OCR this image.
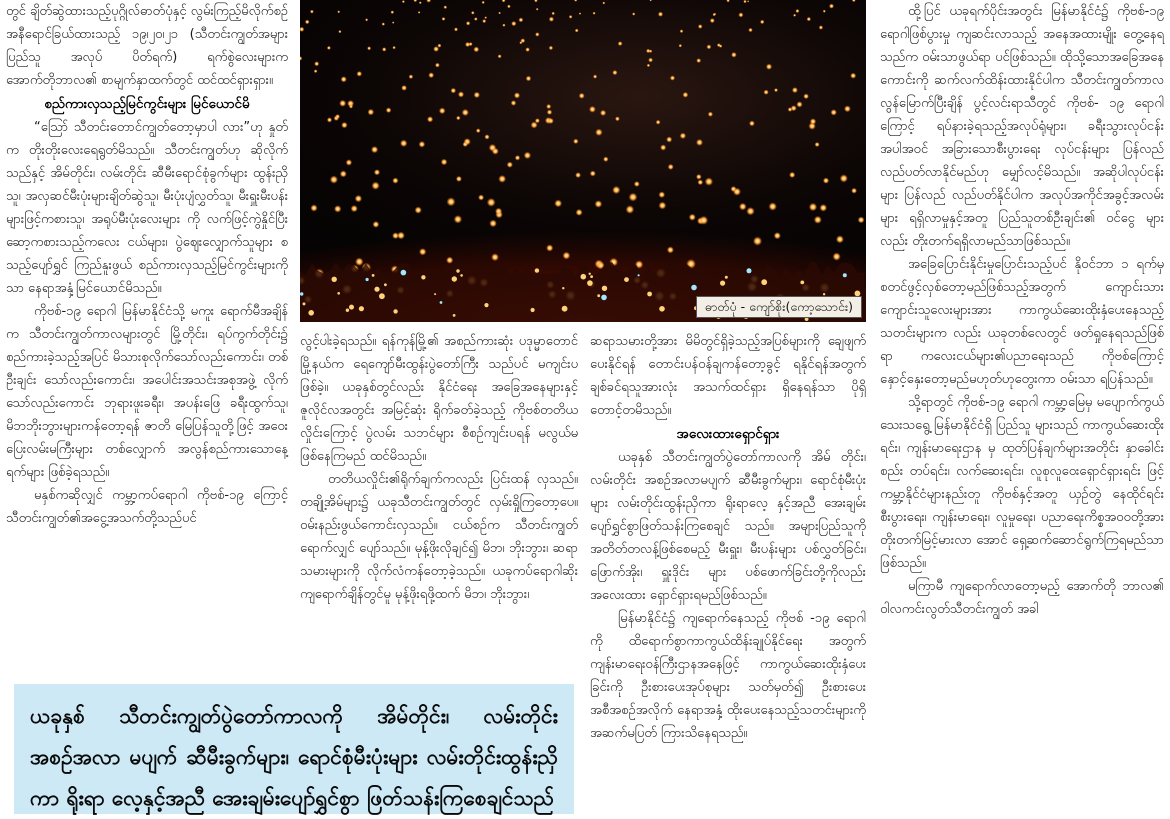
တွင် ချိတ်ဆွဲထားသည့်ပုဂ္ဂိုလ်ဓာတ်ပုံနှင့် လွမ်းကြည့်မိလိုက်စဉ် အနီရောင်ခြယ်ထားသည့် ၁၉၊၂၀၊၂၁ (သီတင်းကျွတ်အများပြည်သူ အလုပ် ပိတ်ရက်) ရက်စွဲလေးများက အောက်တိုဘာလ၏ စာမျက်နှာထက်တွင် ထင်ထင်ရှားရှား။

စည်ကားလှသည့်မြင်ကွင်းများ မြင်ယောင်မိ

“ဩော် သီတင်းတောင်ကျွတ်တော့မှာပါ လား”ဟု နှုတ်က တိုးတိုးလေးရေရွတ်မိသည်။ သီတင်းကျွတ်ဟု ဆိုလိုက်သည်နှင့် အိမ်တိုင်း၊ လမ်းတိုင်း ဆီမီးရောင်စုံခွက်များ ထွန်းညှိသူ၊ အလှဆင်မီးပုံးများချိတ်ဆွဲသူ၊ မီးပုံးပျံလွှတ်သူ၊ မီးရှူးမီးပန်းများဖြင့်ကစားသူ၊ အရုပ်မီးပုံးလေးများ ကို လက်ဖြင့်ကွဲနှိုင်ပြီး ဆော့ကစားသည့်ကလေး ငယ်များ၊ ပွဲဈေးလျှောက်သူများ စသည့်ပျော်ရွှင် ကြည်နူးဖွယ် စည်ကားလှသည့်မြင်ကွင်းများကို သာ နေရာအနှံ့မြင်ယောင်မိသည်။

ကိုဗစ်-၁၉ ရောဂါ မြန်မာနိုင်ငံသို့ မကူး ရောက်မီအချိန်က သီတင်းကျွတ်ကာလများတွင် မြို့တိုင်း၊ ရပ်ကွက်တိုင်း၌ စည်ကားခဲ့သည့်အပြင် မိသားစုလိုက်သော်လည်းကောင်း၊ တစ်ဦးချင်း သော်လည်းကောင်း၊ အပေါင်းအသင်းအစုအဖွဲ့ လိုက်သော်လည်းကောင်း ဘုရားဖူးခရီး၊ အပန်းဖြေ ခရီးထွက်သူ၊ မိဘဘိုးဘွားများကန်တော့ရန် ဇာတိ မြေပြန်သူတို့ဖြင့် အဝေးပြေးလမ်းမကြီးများ တစ်လျှောက် အလွန်စည်ကားသောနေ့ရက်များ ဖြစ်ခဲ့ရသည်။

မနှစ်ကဆိုလျှင် ကမ္ဘာ့ကပ်ရောဂါ ကိုဗစ်-၁၉ ကြောင့် သီတင်းကျွတ်၏အငွေ့အသက်တို့သည်ပင်

ဓာတ်ပုံ - ကျော်စိုး(ကော့သောင်း)

လွင့်ပါးခဲ့ရသည်။ ရန်ကုန်မြို့၏ အစည်ကားဆုံး ပဒုမ္မာတောင်မြို့နယ်က ရေကျော်မီးထွန်းပွဲတော်ကြီး သည်ပင် မကျင်းပဖြစ်ခဲ့။ ယခုနှစ်တွင်လည်း နိုင်ငံရေး အခြေအနေများနှင့် ဇူလိုင်လအတွင်း အမြင့်ဆုံး ရိုက်ခတ်ခဲ့သည့် ကိုဗစ်တတိယလှိုင်းကြောင့် ပွဲလမ်း သဘင်များ စီစဉ်ကျင်းပရန် မလွယ်မဖြစ်နေကြမည် ထင်မိသည်။

တတိယလှိုင်း၏ရိုက်ချက်ကလည်း ပြင်းထန် လှသည်။ တချို့အိမ်များ၌ ယခုသီတင်းကျွတ်တွင် လှမ်းရှိုကြတော့ပေ။ ဝမ်းနည်းဖွယ်ကောင်းလှသည်။ ငယ်စဉ်က သီတင်းကျွတ်ရောက်လျှင် ပျော်သည်။ မုန့်ဖိုးလိုချင်၍ မိဘ၊ ဘိုးဘွား၊ ဆရာသမားများကို လိုက်လံကန်တော့ခဲ့သည်။ ယခုကပ်ရောဂါဆိုး ကျရောက်ချိန်တွင်မူ မုန့်ဖိုးရဖို့ထက် မိဘ၊ ဘိုးဘွား၊

ဆရာသမားတို့အား မိမိတွင်ရှိခဲ့သည့်အပြစ်များကို ချေဖျက်ပေးနိုင်ရန် တောင်းပန်ဝန်ချကန်တော့ခွင့် ရနိုင်ရန်အတွက် ချစ်ခင်ရသူအားလုံး အသက်ထင်ရှား ရှိနေရန်သာ ပိုရှိတောင့်တမိသည်။

အလေးထားရှောင်ရှား

ယခုနှစ် သီတင်းကျွတ်ပွဲတော်ကာလကို အိမ် တိုင်း၊ လမ်းတိုင်း အစဉ်အလာမပျက် ဆီမီးခွက်များ၊ ရောင်စုံမီးပုံးများ လမ်းတိုင်းထွန်းညှိကာ ရိုးရာလေ့ နှင့်အညီ အေးချမ်းပျော်ရွှင်စွာဖြတ်သန်းကြစေချင် သည်။ အများပြည်သူကို အတိတ်တလန့်ဖြစ်စေမည့် မီးရှူး၊ မီးပန်းများ ပစ်လွှတ်ခြင်း၊ ဖြောက်အိုး၊ ရှူးဒိုင်း များ ပစ်ဖောက်ခြင်းတို့ကိုလည်း အလေးထား ရှောင်ရှားရမည်ဖြစ်သည်။

မြန်မာနိုင်ငံ၌ ကျရောက်နေသည့် ကိုဗစ် -၁၉ ရောဂါကို ထိရောက်စွာကာကွယ်ထိန်းချုပ်နိုင်ရေး အတွက် ကျန်းမာရေးဝန်ကြီးဌာနအနေဖြင့် ကာကွယ်ဆေးထိုးနှံပေးခြင်းကို ဦးစားပေးအုပ်စုများ သတ်မှတ်၍ ဦးစားပေးအစီအစဉ်အလိုက် နေရာအနှံ့ ထိုးပေးနေသည့်သတင်းများကို အဆက်မပြတ် ကြားသိနေရသည်။

ထို့ပြင် ယခုရက်ပိုင်းအတွင်း မြန်မာနိုင်ငံ၌ ကိုဗစ်-၁၉ ရောဂါဖြစ်ပွားမှု ကျဆင်းလာသည့် အနေအထားမျိုး တွေ့နေရသည်က ဝမ်းသာဖွယ်ရာ ပင်ဖြစ်သည်။ ထိုသို့သောအခြေအနေကောင်းကို ဆက်လက်ထိန်းထားနိုင်ပါက သီတင်းကျွတ်ကာလ လွန်မြောက်ပြီးချိန် ပွင့်လင်းရာသီတွင် ကိုဗစ်- ၁၉ ရောဂါကြောင့် ရပ်နားခဲ့ရသည့်အလုပ်ရုံများ၊ ခရီးသွားလုပ်ငန်းအပါအဝင် အခြားသောစီးပွားရေး လုပ်ငန်းများ ပြန်လည်လည်ပတ်လာနိုင်မည်ဟု မျှော်လင့်မိသည်။ အဆိုပါလုပ်ငန်းများ ပြန်လည် လည်ပတ်နိုင်ပါက အလုပ်အကိုင်အခွင့်အလမ်းများ ရရှိလာမှုနှင့်အတူ ပြည်သူတစ်ဦးချင်း၏ ဝင်ငွေ များလည်း တိုးတက်ရရှိလာမည်သာဖြစ်သည်။

အခြေပြောင်းနိုင်းမှုပြောင်းသည့်ပင် နိုဝင်ဘာ ၁ ရက်မှ စတင်ဖွင့်လှစ်တော့မည်ဖြစ်သည့်အတွက် ကျောင်းသား ကျောင်းသူလေးများအား ကာကွယ်ဆေးထိုးနှံပေးနေသည့် သတင်းများက လည်း ယခုတစ်လေတွင် ဖတ်ရှုနေရသည်ဖြစ်ရာ ကလေးငယ်များ၏ပညာရေးသည် ကိုဗစ်ကြောင့် နှောင့်နှေးတော့မည်မဟုတ်ဟုတွေးကာ ဝမ်းသာ ရပြန်သည်။

သို့ရာတွင် ကိုဗစ်-၁၉ ရောဂါ ကမ္ဘာ့မြေမှ မပျောက်ကွယ်သေးသရွေ့ မြန်မာနိုင်ငံရှိ ပြည်သူ များသည် ကာကွယ်ဆေးထိုးရင်း၊ ကျန်းမာရေးဌာန မှ ထုတ်ပြန်ချက်များအတိုင်း နှာခေါင်းစည်း တပ်ရင်း၊ လက်ဆေးရင်း၊ လူစုလူဝေးရှောင်ရှားရင်း ဖြင့် ကမ္ဘာ့နိုင်ငံများနည်းတူ ကိုဗစ်နှင့်အတူ ယှဉ်တွဲ နေထိုင်ရင်း စီးပွားရေး၊ ကျန်းမာရေး၊ လူမှုရေး၊ ပညာရေးကိစ္စအဝဝတို့အား တိုးတက်မြင့်မားလာ အောင် ရှေ့ဆက်ဆောင်ရွက်ကြရမည်သာ ဖြစ်သည်။

မကြာမီ ကျရောက်လာတော့မည့် အောက်တို ဘာလ၏ ဝါလကင်းလွတ်သီတင်းကျွတ် အခါ

ယခုနှစ် သီတင်းကျွတ်ပွဲတော်ကာလကို အိမ်တိုင်း၊ လမ်းတိုင်း အစဉ်အလာ မပျက် ဆီမီးခွက်များ၊ ရောင်စုံမီးပုံးများ လမ်းတိုင်းထွန်းညှိကာ ရိုးရာ လေ့နှင့်အညီ အေးချမ်းပျော်ရွှင်စွာ ဖြတ်သန်းကြစေချင်သည်
